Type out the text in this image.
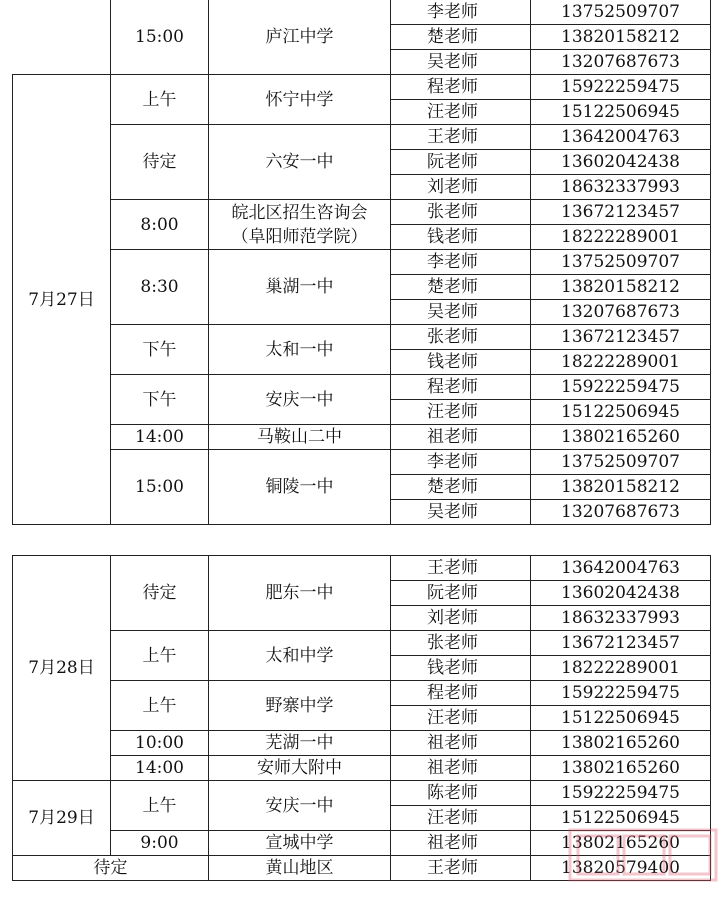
	15:00	庐江中学	李老师	13752509707

			楚老师	13820158212

			吴老师	13207687673

7月27日	上午	怀宁中学	程老师	15922259475

			汪老师	15122506945

	待定	六安一中	王老师	13642004763

			阮老师	13602042438

			刘老师	18632337993

	8:00	皖北区招生咨询会
（阜阳师范学院）	张老师	13672123457

			钱老师	18222289001

	8:30	巢湖一中	李老师	13752509707

			楚老师	13820158212

			吴老师	13207687673

	下午	太和一中	张老师	13672123457

			钱老师	18222289001

	下午	安庆一中	程老师	15922259475

			汪老师	15122506945

	14:00	马鞍山二中	祖老师	13802165260

	15:00	铜陵一中	李老师	13752509707

			楚老师	13820158212

			吴老师	13207687673
7月28日	待定	肥东一中	王老师	13642004763

			阮老师	13602042438

			刘老师	18632337993

	上午	太和中学	张老师	13672123457

			钱老师	18222289001

	上午	野寨中学	程老师	15922259475

			汪老师	15122506945

	10:00	芜湖一中	祖老师	13802165260

	14:00	安师大附中	祖老师	13802165260

7月29日	上午	安庆一中	陈老师	15922259475

			汪老师	15122506945

	9:00	宣城中学	祖老师	13802165260

待定		黄山地区	王老师	13820579400
